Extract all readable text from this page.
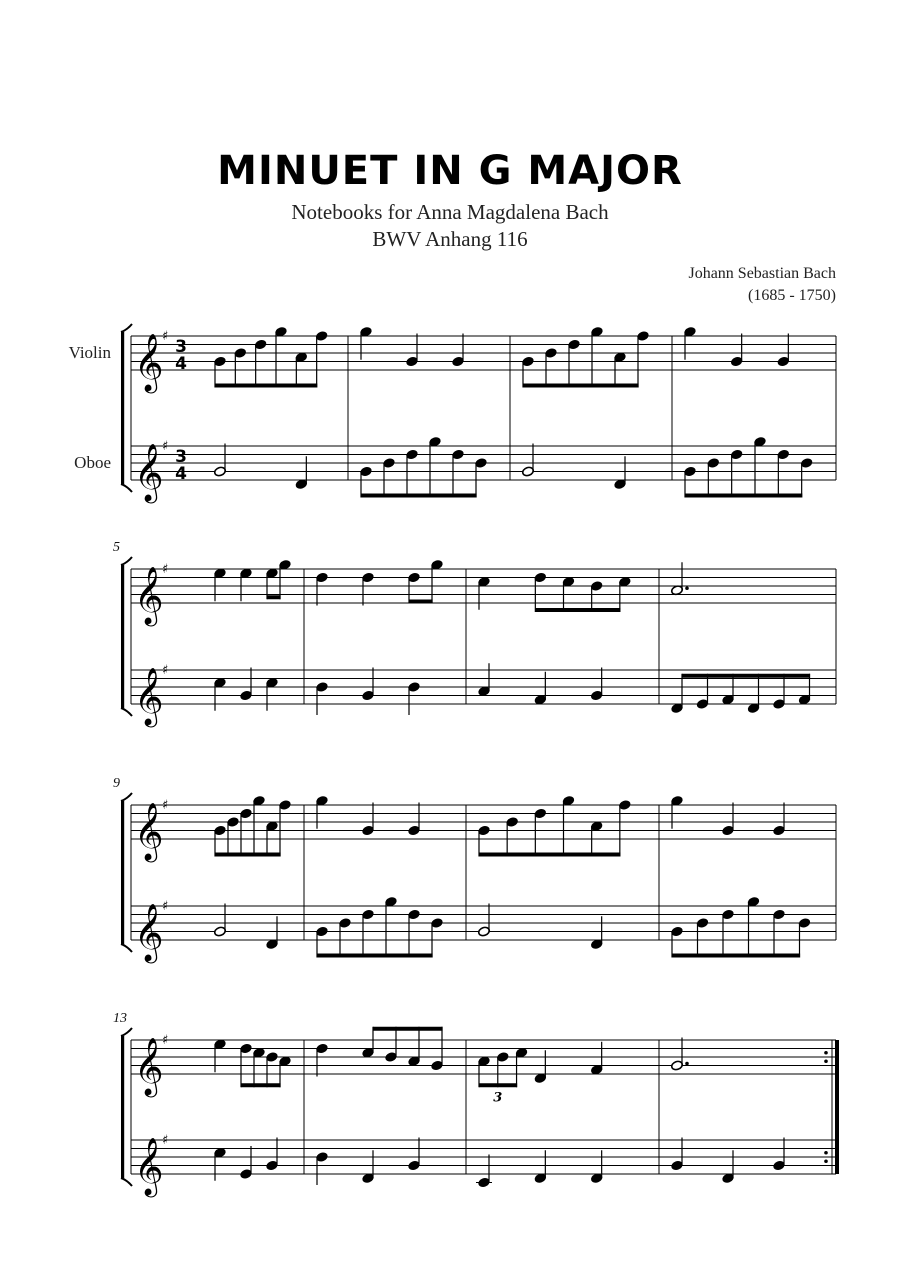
MINUET IN G MAJOR
Notebooks for Anna Magdalena Bach
BWV Anhang 116
Johann Sebastian Bach
(1685 - 1750)
𝄞
♯
3
4
Violin
𝄞
♯
3
4
Oboe
5
𝄞
♯
𝄞
♯
9
𝄞
♯
𝄞
♯
13
𝄞
♯
3
𝄞
♯
